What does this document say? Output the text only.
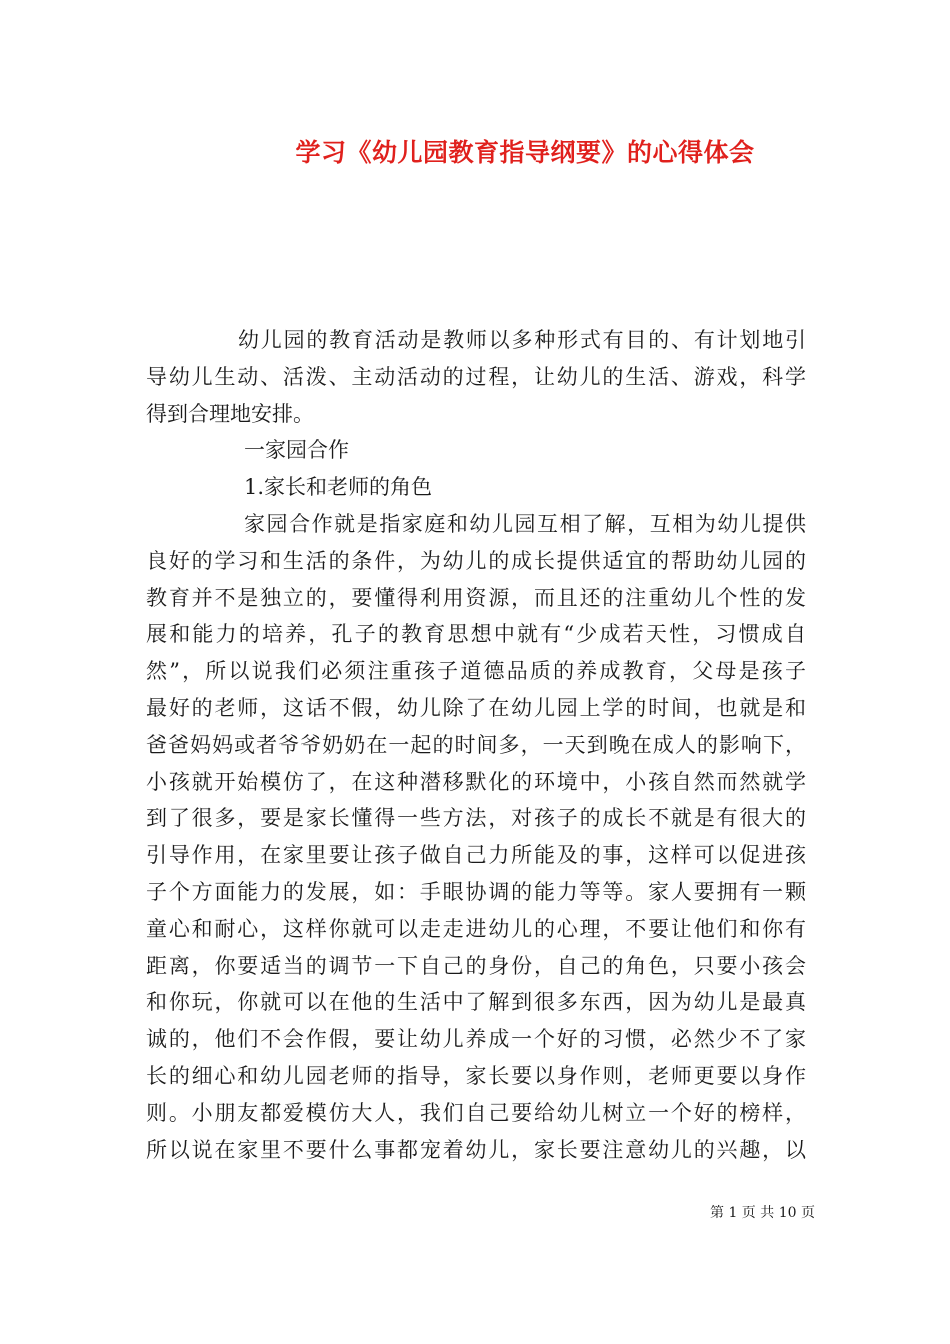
学习《幼儿园教育指导纲要》的心得体会
幼儿园的教育活动是教师以多种形式有目的、有计划地引
导幼儿生动、活泼、主动活动的过程，让幼儿的生活、游戏，科学
得到合理地安排。
一家园合作
1.家长和老师的角色
家园合作就是指家庭和幼儿园互相了解，互相为幼儿提供
良好的学习和生活的条件，为幼儿的成长提供适宜的帮助幼儿园的
教育并不是独立的，要懂得利用资源，而且还的注重幼儿个性的发
展和能力的培养，孔子的教育思想中就有“少成若天性，习惯成自
然”，所以说我们必须注重孩子道德品质的养成教育，父母是孩子
最好的老师，这话不假，幼儿除了在幼儿园上学的时间，也就是和
爸爸妈妈或者爷爷奶奶在一起的时间多，一天到晚在成人的影响下，
小孩就开始模仿了，在这种潜移默化的环境中，小孩自然而然就学
到了很多，要是家长懂得一些方法，对孩子的成长不就是有很大的
引导作用，在家里要让孩子做自己力所能及的事，这样可以促进孩
子个方面能力的发展，如：手眼协调的能力等等。家人要拥有一颗
童心和耐心，这样你就可以走走进幼儿的心理，不要让他们和你有
距离，你要适当的调节一下自己的身份，自己的角色，只要小孩会
和你玩，你就可以在他的生活中了解到很多东西，因为幼儿是最真
诚的，他们不会作假，要让幼儿养成一个好的习惯，必然少不了家
长的细心和幼儿园老师的指导，家长要以身作则，老师更要以身作
则。小朋友都爱模仿大人，我们自己要给幼儿树立一个好的榜样，
所以说在家里不要什么事都宠着幼儿，家长要注意幼儿的兴趣，以
第 1 页 共 10 页
